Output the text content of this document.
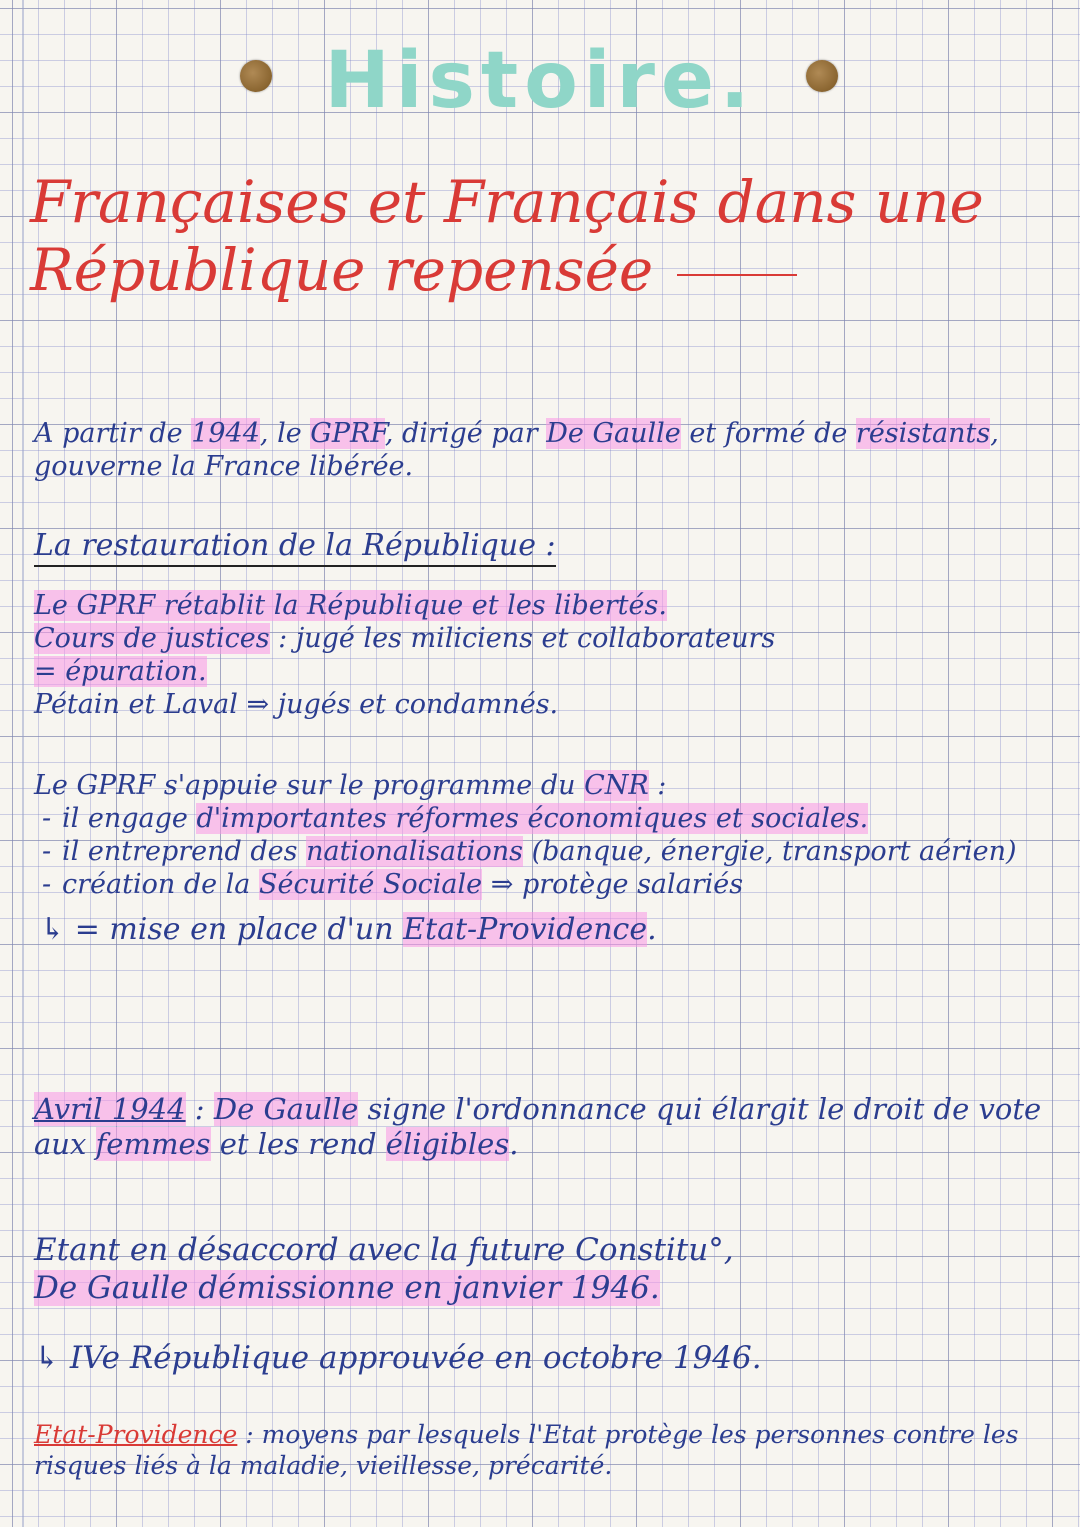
Histoire.
Françaises et Français dans une République repensée

A partir de 1944, le GPRF, dirigé par De Gaulle et formé de résistants, gouverne la France libérée.

La restauration de la République :
Le GPRF rétablit la République et les libertés.
Cours de justices : jugé les miliciens et collaborateurs
= épuration.
Pétain et Laval ⇒ jugés et condamnés.
Le GPRF s'appuie sur le programme du CNR :
- il engage d'importantes réformes économiques et sociales.
- il entreprend des nationalisations (banque, énergie, transport aérien)
- création de la Sécurité Sociale ⇒ protège salariés
↳ = mise en place d'un Etat-Providence.

Avril 1944 : De Gaulle signe l'ordonnance qui élargit le droit de vote aux femmes et les rend éligibles.

Etant en désaccord avec la future Constitu°,
De Gaulle démissionne en janvier 1946.

↳ IVe République approuvée en octobre 1946.

Etat-Providence : moyens par lesquels l'Etat protège les personnes contre les risques liés à la maladie, vieillesse, précarité.
